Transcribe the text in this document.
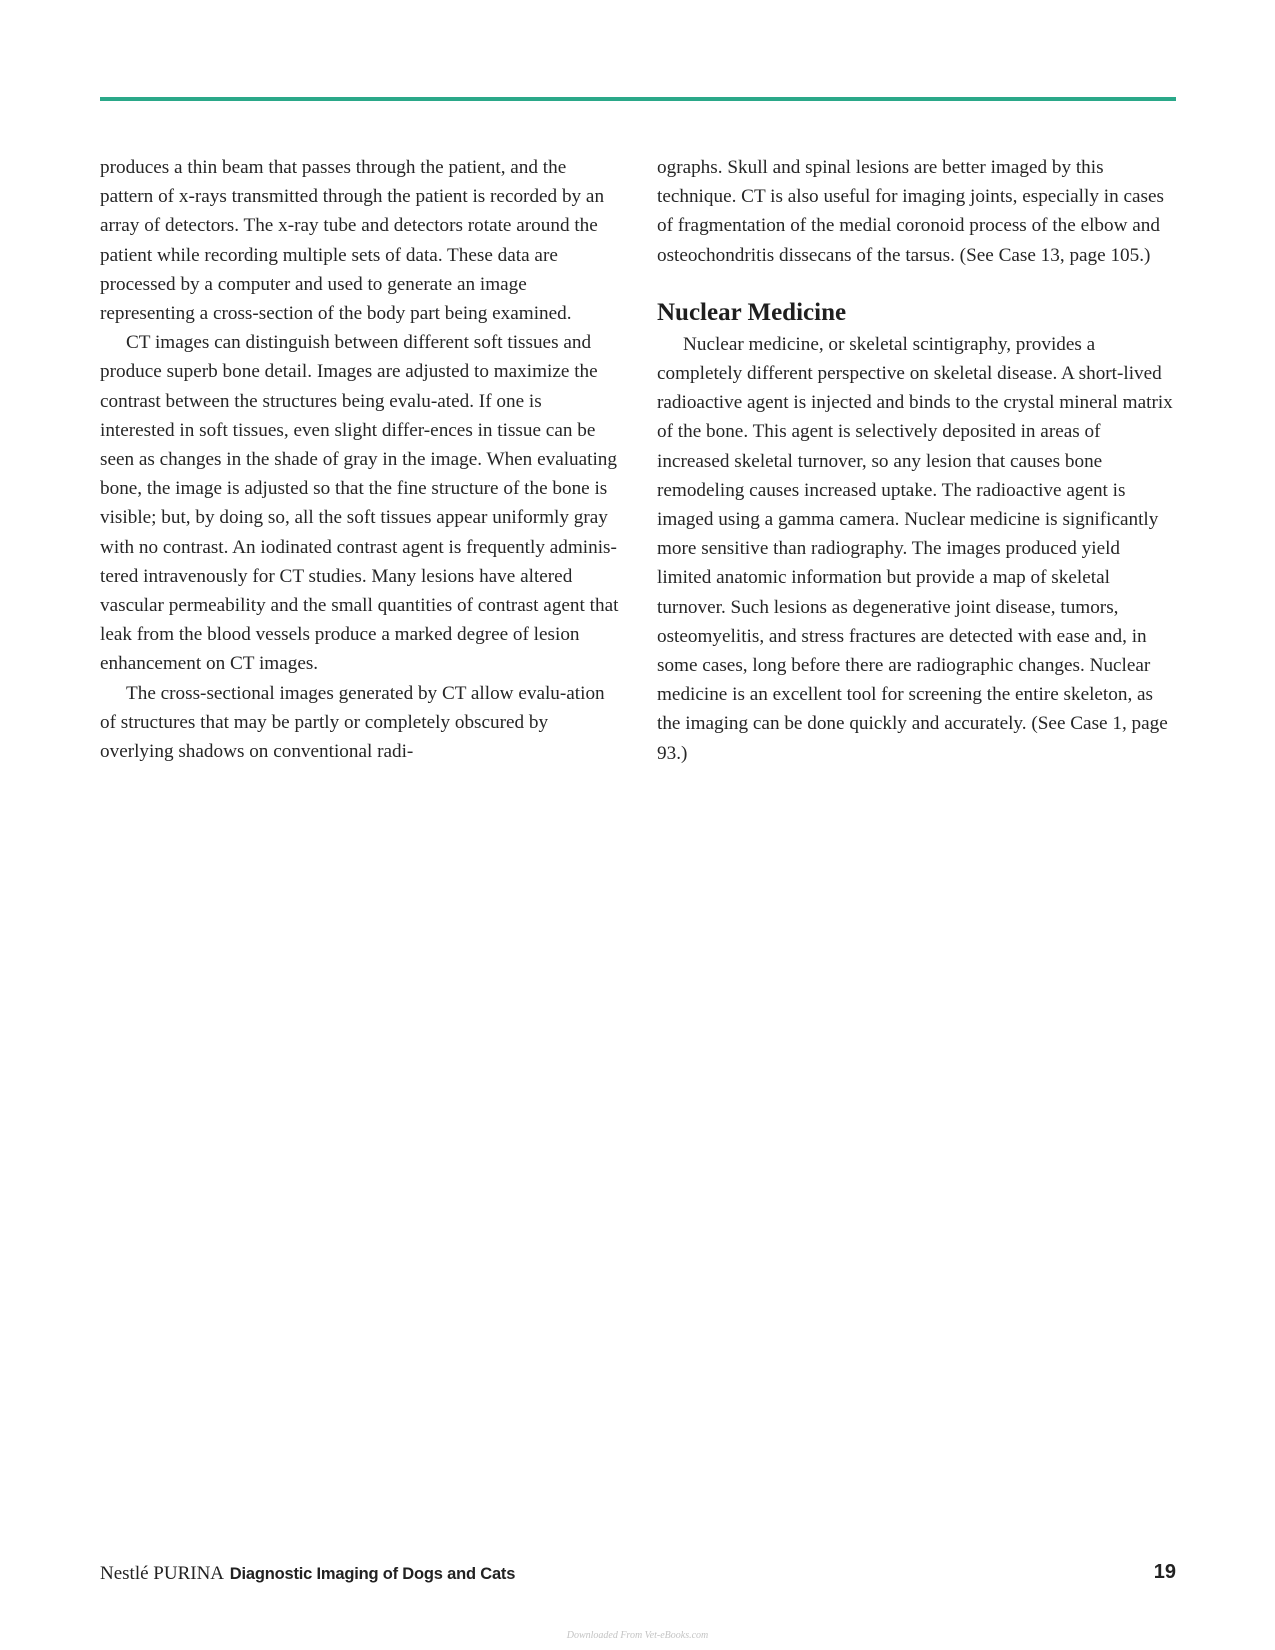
produces a thin beam that passes through the patient, and the pattern of x-rays transmitted through the patient is recorded by an array of detectors. The x-ray tube and detectors rotate around the patient while recording multiple sets of data. These data are processed by a computer and used to generate an image representing a cross-section of the body part being examined.

CT images can distinguish between different soft tissues and produce superb bone detail. Images are adjusted to maximize the contrast between the structures being evalu-ated. If one is interested in soft tissues, even slight differ-ences in tissue can be seen as changes in the shade of gray in the image. When evaluating bone, the image is adjusted so that the fine structure of the bone is visible; but, by doing so, all the soft tissues appear uniformly gray with no contrast. An iodinated contrast agent is frequently adminis-tered intravenously for CT studies. Many lesions have altered vascular permeability and the small quantities of contrast agent that leak from the blood vessels produce a marked degree of lesion enhancement on CT images.

The cross-sectional images generated by CT allow evalu-ation of structures that may be partly or completely obscured by overlying shadows on conventional radi-

ographs. Skull and spinal lesions are better imaged by this technique. CT is also useful for imaging joints, especially in cases of fragmentation of the medial coronoid process of the elbow and osteochondritis dissecans of the tarsus. (See Case 13, page 105.)

Nuclear Medicine

Nuclear medicine, or skeletal scintigraphy, provides a completely different perspective on skeletal disease. A short-lived radioactive agent is injected and binds to the crystal mineral matrix of the bone. This agent is selectively deposited in areas of increased skeletal turnover, so any lesion that causes bone remodeling causes increased uptake. The radioactive agent is imaged using a gamma camera. Nuclear medicine is significantly more sensitive than radiography. The images produced yield limited anatomic information but provide a map of skeletal turnover. Such lesions as degenerative joint disease, tumors, osteomyelitis, and stress fractures are detected with ease and, in some cases, long before there are radiographic changes. Nuclear medicine is an excellent tool for screening the entire skeleton, as the imaging can be done quickly and accurately. (See Case 1, page 93.)

Nestlé PURINA Diagnostic Imaging of Dogs and Cats	19
Downloaded From Vet-eBooks.com
